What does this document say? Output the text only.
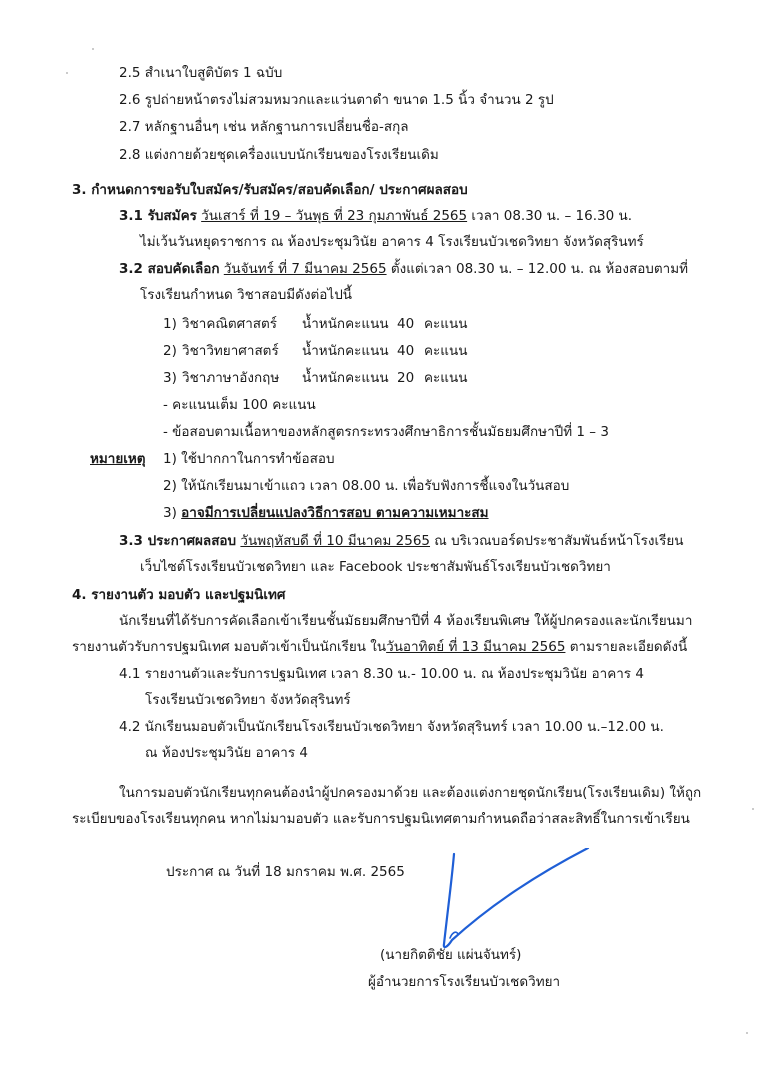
2.5 สำเนาใบสูติบัตร 1 ฉบับ
2.6 รูปถ่ายหน้าตรงไม่สวมหมวกและแว่นตาดำ ขนาด 1.5 นิ้ว จำนวน 2 รูป
2.7 หลักฐานอื่นๆ เช่น หลักฐานการเปลี่ยนชื่อ-สกุล
2.8 แต่งกายด้วยชุดเครื่องแบบนักเรียนของโรงเรียนเดิม
3. กำหนดการขอรับใบสมัคร/รับสมัคร/สอบคัดเลือก/ ประกาศผลสอบ
3.1 รับสมัคร วันเสาร์ ที่ 19 – วันพุธ ที่ 23 กุมภาพันธ์ 2565 เวลา 08.30 น. – 16.30 น.
ไม่เว้นวันหยุดราชการ ณ ห้องประชุมวินัย อาคาร 4 โรงเรียนบัวเชดวิทยา จังหวัดสุรินทร์
3.2 สอบคัดเลือก วันจันทร์ ที่ 7 มีนาคม 2565 ตั้งแต่เวลา 08.30 น. – 12.00 น. ณ ห้องสอบตามที่
โรงเรียนกำหนด วิชาสอบมีดังต่อไปนี้
1) วิชาคณิตศาสตร์ น้ำหนักคะแนน 40 คะแนน
2) วิชาวิทยาศาสตร์ น้ำหนักคะแนน 40 คะแนน
3) วิชาภาษาอังกฤษ น้ำหนักคะแนน 20 คะแนน
- คะแนนเต็ม 100 คะแนน
- ข้อสอบตามเนื้อหาของหลักสูตรกระทรวงศึกษาธิการชั้นมัธยมศึกษาปีที่ 1 – 3
หมายเหตุ 1) ใช้ปากกาในการทำข้อสอบ
2) ให้นักเรียนมาเข้าแถว เวลา 08.00 น. เพื่อรับฟังการชี้แจงในวันสอบ
3) อาจมีการเปลี่ยนแปลงวิธีการสอบ ตามความเหมาะสม
3.3 ประกาศผลสอบ วันพฤหัสบดี ที่ 10 มีนาคม 2565 ณ บริเวณบอร์ดประชาสัมพันธ์หน้าโรงเรียน
เว็บไซต์โรงเรียนบัวเชดวิทยา และ Facebook ประชาสัมพันธ์โรงเรียนบัวเชดวิทยา
4. รายงานตัว มอบตัว และปฐมนิเทศ
นักเรียนที่ได้รับการคัดเลือกเข้าเรียนชั้นมัธยมศึกษาปีที่ 4 ห้องเรียนพิเศษ ให้ผู้ปกครองและนักเรียนมา
รายงานตัวรับการปฐมนิเทศ มอบตัวเข้าเป็นนักเรียน ในวันอาทิตย์ ที่ 13 มีนาคม 2565 ตามรายละเอียดดังนี้
4.1 รายงานตัวและรับการปฐมนิเทศ เวลา 8.30 น.- 10.00 น. ณ ห้องประชุมวินัย อาคาร 4
โรงเรียนบัวเชดวิทยา จังหวัดสุรินทร์
4.2 นักเรียนมอบตัวเป็นนักเรียนโรงเรียนบัวเชดวิทยา จังหวัดสุรินทร์ เวลา 10.00 น.–12.00 น.
ณ ห้องประชุมวินัย อาคาร 4
ในการมอบตัวนักเรียนทุกคนต้องนำผู้ปกครองมาด้วย และต้องแต่งกายชุดนักเรียน(โรงเรียนเดิม) ให้ถูก
ระเบียบของโรงเรียนทุกคน หากไม่มามอบตัว และรับการปฐมนิเทศตามกำหนดถือว่าสละสิทธิ์ในการเข้าเรียน
ประกาศ ณ วันที่ 18 มกราคม พ.ศ. 2565
(นายกิตติชัย แผ่นจันทร์)
ผู้อำนวยการโรงเรียนบัวเชดวิทยา
